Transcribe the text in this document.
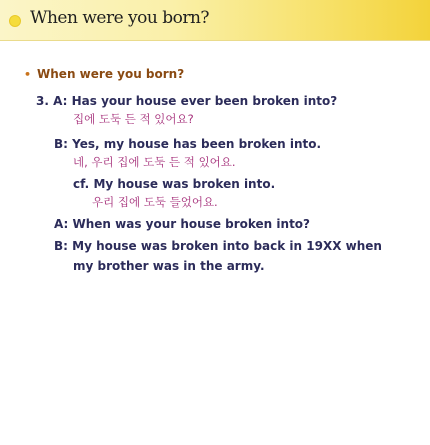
When were you born?
• When were you born?
3. A: Has your house ever been broken into?
집에 도둑 든 적 있어요?
B: Yes, my house has been broken into.
네, 우리 집에 도둑 든 적 있어요.
cf. My house was broken into.
우리 집에 도둑 들었어요.
A: When was your house broken into?
B: My house was broken into back in 19XX when
my brother was in the army.
